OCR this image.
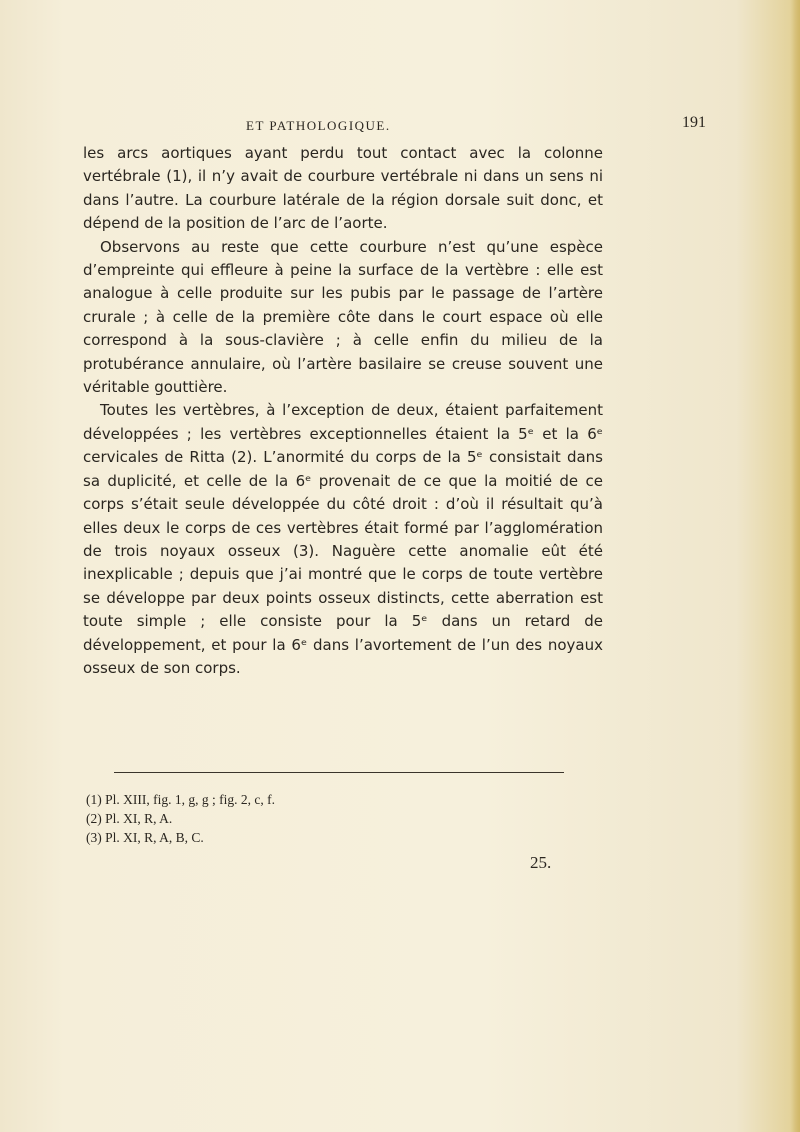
ET PATHOLOGIQUE.	191

les arcs aortiques ayant perdu tout contact avec la colonne vertébrale (1), il n’y avait de courbure vertébrale ni dans un sens ni dans l’autre. La courbure latérale de la région dorsale suit donc, et dépend de la position de l’arc de l’aorte.

Observons au reste que cette courbure n’est qu’une espèce d’empreinte qui effleure à peine la surface de la vertèbre : elle est analogue à celle produite sur les pubis par le passage de l’artère crurale ; à celle de la première côte dans le court espace où elle correspond à la sous-clavière ; à celle enfin du milieu de la protubérance annulaire, où l’artère basilaire se creuse souvent une véritable gouttière.

Toutes les vertèbres, à l’exception de deux, étaient parfaitement développées ; les vertèbres exceptionnelles étaient la 5ᵉ et la 6ᵉ cervicales de Ritta (2). L’anormité du corps de la 5ᵉ consistait dans sa duplicité, et celle de la 6ᵉ provenait de ce que la moitié de ce corps s’était seule développée du côté droit : d’où il résultait qu’à elles deux le corps de ces vertèbres était formé par l’agglomération de trois noyaux osseux (3). Naguère cette anomalie eût été inexplicable ; depuis que j’ai montré que le corps de toute vertèbre se développe par deux points osseux distincts, cette aberration est toute simple ; elle consiste pour la 5ᵉ dans un retard de développement, et pour la 6ᵉ dans l’avortement de l’un des noyaux osseux de son corps.

(1) Pl. XIII, fig. 1, g, g ; fig. 2, c, f.

(2) Pl. XI, R, A.

(3) Pl. XI, R, A, B, C.

25.
